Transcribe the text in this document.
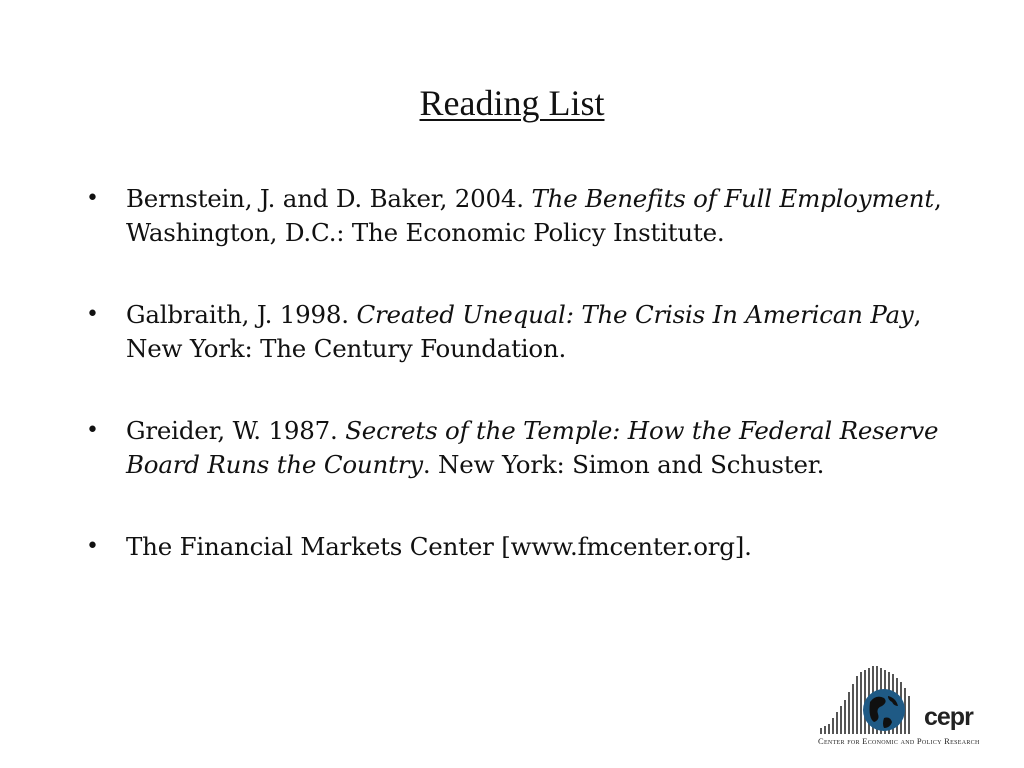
Reading List
• Bernstein, J. and D. Baker, 2004. The Benefits of Full Employment, Washington, D.C.: The Economic Policy Institute.
• Galbraith, J. 1998. Created Unequal: The Crisis In American Pay, New York: The Century Foundation.
• Greider, W. 1987. Secrets of the Temple: How the Federal Reserve Board Runs the Country. New York: Simon and Schuster.
• The Financial Markets Center [www.fmcenter.org].
cepr
Center for Economic and Policy Research
